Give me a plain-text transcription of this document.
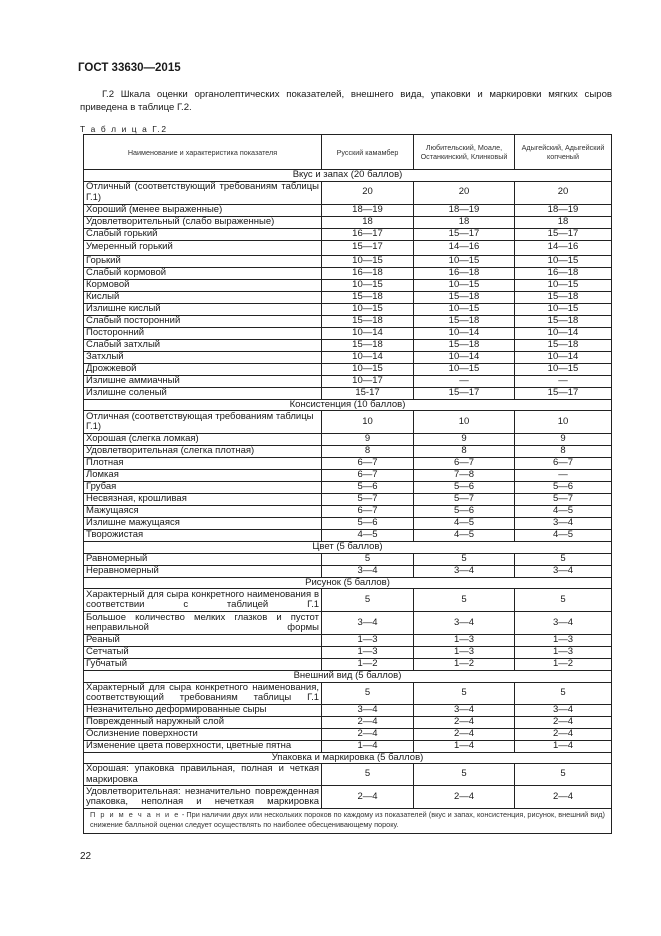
ГОСТ 33630—2015
Г.2 Шкала оценки органолептических показателей, внешнего вида, упаковки и маркировки мягких сыров приведена в таблице Г.2.
Т а б л и ц а Г.2
Наименование и характеристика показателя	Русский камамбер	Любительский, Моале, Останкинский, Клинковый	Адыгейский, Адыгейский копченый
Вкус и запах (20 баллов)			
Отличный (соответствующий требованиям таблицы Г.1)	20	20	20
Хороший (менее выраженные)	18—19	18—19	18—19
Удовлетворительный (слабо выраженные)	18	18	18
Слабый горький	16—17	15—17	15—17
Умеренный горький	15—17	14—16	14—16
Горький	10—15	10—15	10—15
Слабый кормовой	16—18	16—18	16—18
Кормовой	10—15	10—15	10—15
Кислый	15—18	15—18	15—18
Излишне кислый	10—15	10—15	10—15
Слабый посторонний	15—18	15—18	15—18
Посторонний	10—14	10—14	10—14
Слабый затхлый	15—18	15—18	15—18
Затхлый	10—14	10—14	10—14
Дрожжевой	10—15	10—15	10—15
Излишне аммиачный	10—17	—	—
Излишне соленый	15-17	15—17	15—17
Консистенция (10 баллов)			
Отличная (соответствующая требованиям таблицы Г.1)	10	10	10
Хорошая (слегка ломкая)	9	9	9
Удовлетворительная (слегка плотная)	8	8	8
Плотная	6—7	6—7	6—7
Ломкая	6—7	7—8	—
Грубая	5—6	5—6	5—6
Несвязная, крошливая	5—7	5—7	5—7
Мажущаяся	6—7	5—6	4—5
Излишне мажущаяся	5—6	4—5	3—4
Творожистая	4—5	4—5	4—5
Цвет (5 баллов)			
Равномерный	5	5	5
Неравномерный	3—4	3—4	3—4
Рисунок (5 баллов)			
Характерный для сыра конкретного наименования в соответствии с таблицей Г.1	5	5	5
Большое количество мелких глазков и пустот неправильной формы	3—4	3—4	3—4
Реаный	1—3	1—3	1—3
Сетчатый	1—3	1—3	1—3
Губчатый	1—2	1—2	1—2
Внешний вид (5 баллов)			
Характерный для сыра конкретного наименования, соответствующий требованиям таблицы Г.1	5	5	5
Незначительно деформированные сыры	3—4	3—4	3—4
Поврежденный наружный слой	2—4	2—4	2—4
Ослизнение поверхности	2—4	2—4	2—4
Изменение цвета поверхности, цветные пятна	1—4	1—4	1—4
Упаковка и маркировка (5 баллов)			
Хорошая: упаковка правильная, полная и четкая маркировка	5	5	5
Удовлетворительная: незначительно поврежденная упаковка, неполная и нечеткая маркировка	2—4	2—4	2—4
П р и м е ч а н и е - При наличии двух или нескольких пороков по каждому из показателей (вкус и запах, консистенция, рисунок, внешний вид) снижение балльной оценки следует осуществлять по наиболее обесценивающему пороку.			
22
